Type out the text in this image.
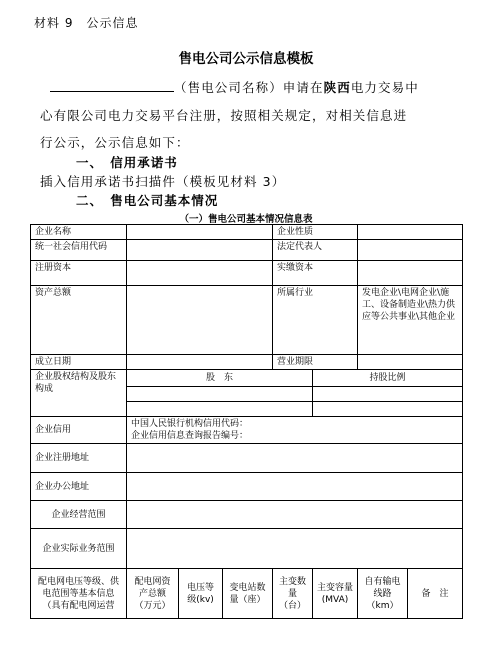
材料 9　公示信息
售电公司公示信息模板
（售电公司名称）申请在陕西电力交易中
心有限公司电力交易平台注册，按照相关规定，对相关信息进
行公示，公示信息如下：
一、　信用承诺书
插入信用承诺书扫描件（模板见材料 3）
二、　售电公司基本情况
（一）售电公司基本情况信息表
企业名称				企业性质			
统一社会信用代码				法定代表人			
注册资本				实缴资本			
资产总额				所属行业		发电企业\电网企业\施工、设备制造业\热力供应等公共事业\其他企业	
成立日期				营业期限			
企业股权结构及股东构成	股　东				持股比例		

企业信用	中国人民银行机构信用代码：
企业信用信息查询报告编号：						

企业注册地址							
企业办公地址							
企业经营范围							
企业实际业务范围							
配电网电压等级、供电范围等基本信息（具有配电网运营	配电网资产总额（万元）	电压等级(kv)	变电站数量（座）	主变数量（台）	主变容量(MVA)	自有输电线路（km）	备　注
